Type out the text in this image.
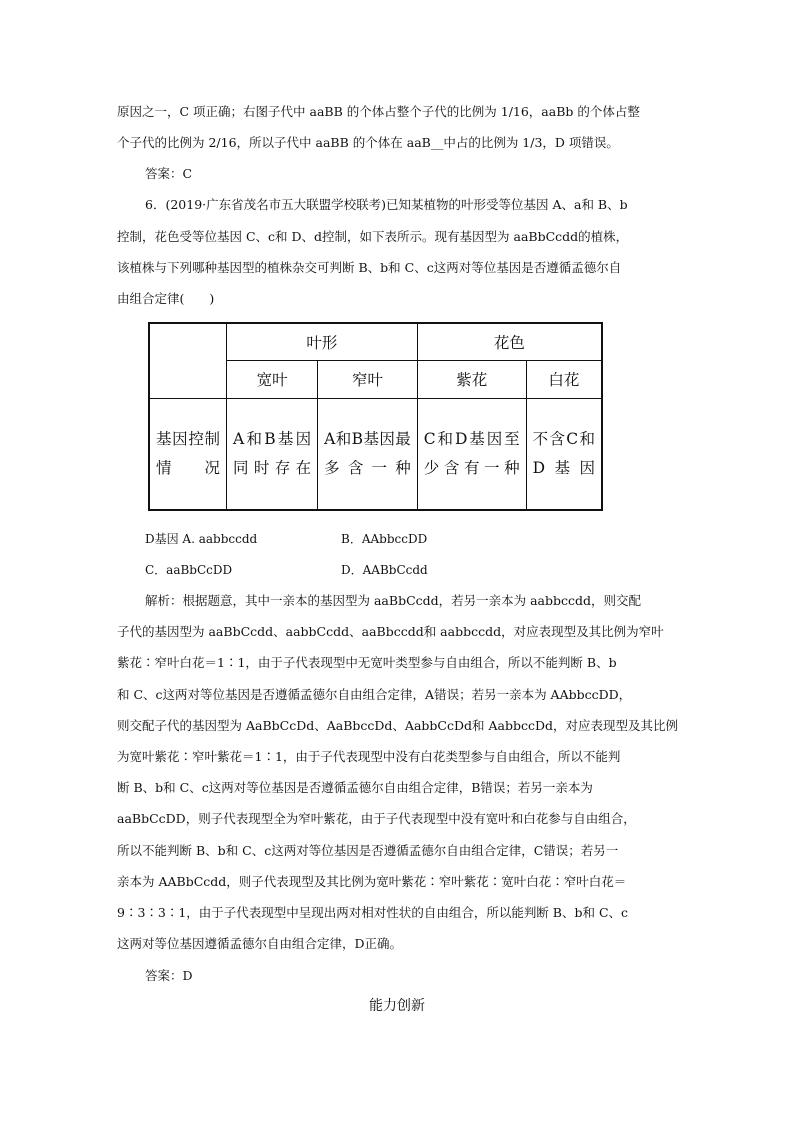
原因之一，C 项正确；右图子代中 aaBB 的个体占整个子代的比例为 1/16，aaBb 的个体占整
个子代的比例为 2/16，所以子代中 aaBB 的个体在 aaB__中占的比例为 1/3，D 项错误。
答案：C
6．(2019·广东省茂名市五大联盟学校联考)已知某植物的叶形受等位基因 A、a和 B、b
控制，花色受等位基因 C、c和 D、d控制，如下表所示。现有基因型为 aaBbCcdd的植株，
该植株与下列哪种基因型的植株杂交可判断 B、b和 C、c这两对等位基因是否遵循孟德尔自
由组合定律(　　)
	叶形		花色	
	宽叶	窄叶	紫花	白花
基因控制情况	A和B基因同时存在	A和B基因最多含一种	C和D基因至少含有一种	不含C和D基因
D基因 A. aabbccdd	B．AAbbccDD
C．aaBbCcDD	D．AABbCcdd
解析：根据题意，其中一亲本的基因型为 aaBbCcdd，若另一亲本为 aabbccdd，则交配
子代的基因型为 aaBbCcdd、aabbCcdd、aaBbccdd和 aabbccdd，对应表现型及其比例为窄叶
紫花∶窄叶白花＝1∶1，由于子代表现型中无宽叶类型参与自由组合，所以不能判断 B、b
和 C、c这两对等位基因是否遵循孟德尔自由组合定律，A错误；若另一亲本为 AAbbccDD，
则交配子代的基因型为 AaBbCcDd、AaBbccDd、AabbCcDd和 AabbccDd，对应表现型及其比例
为宽叶紫花∶窄叶紫花＝1∶1，由于子代表现型中没有白花类型参与自由组合，所以不能判
断 B、b和 C、c这两对等位基因是否遵循孟德尔自由组合定律，B错误；若另一亲本为
aaBbCcDD，则子代表现型全为窄叶紫花，由于子代表现型中没有宽叶和白花参与自由组合，
所以不能判断 B、b和 C、c这两对等位基因是否遵循孟德尔自由组合定律，C错误；若另一
亲本为 AABbCcdd，则子代表现型及其比例为宽叶紫花∶窄叶紫花∶宽叶白花∶窄叶白花＝
9∶3∶3∶1，由于子代表现型中呈现出两对相对性状的自由组合，所以能判断 B、b和 C、c
这两对等位基因遵循孟德尔自由组合定律，D正确。
答案：D
能力创新
